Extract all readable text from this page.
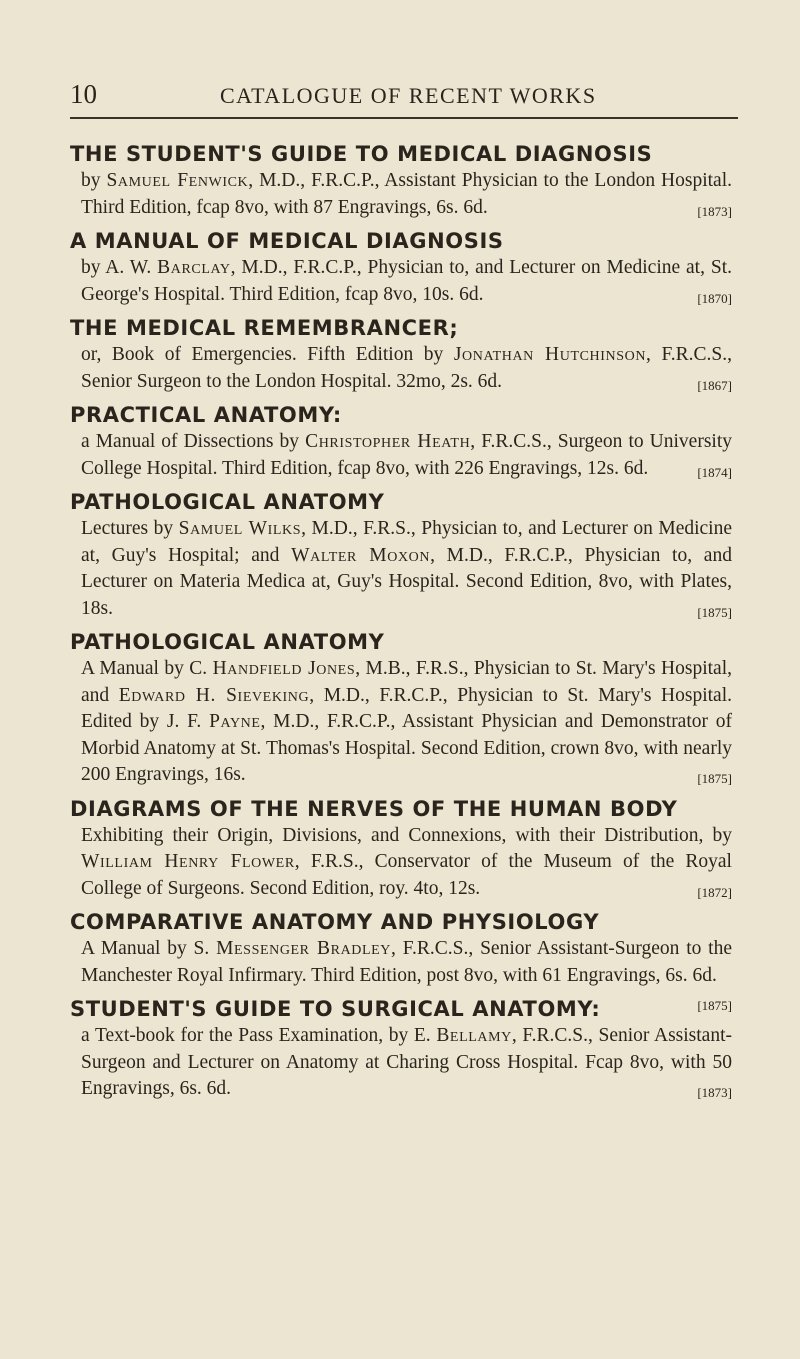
10	CATALOGUE OF RECENT WORKS
THE STUDENT'S GUIDE TO MEDICAL DIAGNOSIS
by Samuel Fenwick, M.D., F.R.C.P., Assistant Physician to the London Hospital. Third Edition, fcap 8vo, with 87 Engravings, 6s. 6d.	[1873]
A MANUAL OF MEDICAL DIAGNOSIS
by A. W. Barclay, M.D., F.R.C.P., Physician to, and Lecturer on Medicine at, St. George's Hospital. Third Edition, fcap 8vo, 10s. 6d.	[1870]
THE MEDICAL REMEMBRANCER;
or, Book of Emergencies. Fifth Edition by Jonathan Hutchinson, F.R.C.S., Senior Surgeon to the London Hospital. 32mo, 2s. 6d.	[1867]
PRACTICAL ANATOMY:
a Manual of Dissections by Christopher Heath, F.R.C.S., Surgeon to University College Hospital. Third Edition, fcap 8vo, with 226 Engravings, 12s. 6d.	[1874]
PATHOLOGICAL ANATOMY
Lectures by Samuel Wilks, M.D., F.R.S., Physician to, and Lecturer on Medicine at, Guy's Hospital; and Walter Moxon, M.D., F.R.C.P., Physician to, and Lecturer on Materia Medica at, Guy's Hospital. Second Edition, 8vo, with Plates, 18s.	[1875]
PATHOLOGICAL ANATOMY
A Manual by C. Handfield Jones, M.B., F.R.S., Physician to St. Mary's Hospital, and Edward H. Sieveking, M.D., F.R.C.P., Physician to St. Mary's Hospital. Edited by J. F. Payne, M.D., F.R.C.P., Assistant Physician and Demonstrator of Morbid Anatomy at St. Thomas's Hospital. Second Edition, crown 8vo, with nearly 200 Engravings, 16s.	[1875]
DIAGRAMS OF THE NERVES OF THE HUMAN BODY
Exhibiting their Origin, Divisions, and Connexions, with their Distribution, by William Henry Flower, F.R.S., Conservator of the Museum of the Royal College of Surgeons. Second Edition, roy. 4to, 12s.	[1872]
COMPARATIVE ANATOMY AND PHYSIOLOGY
A Manual by S. Messenger Bradley, F.R.C.S., Senior Assistant-Surgeon to the Manchester Royal Infirmary. Third Edition, post 8vo, with 61 Engravings, 6s. 6d.
[1875]
STUDENT'S GUIDE TO SURGICAL ANATOMY:
a Text-book for the Pass Examination, by E. Bellamy, F.R.C.S., Senior Assistant-Surgeon and Lecturer on Anatomy at Charing Cross Hospital. Fcap 8vo, with 50 Engravings, 6s. 6d.	[1873]
